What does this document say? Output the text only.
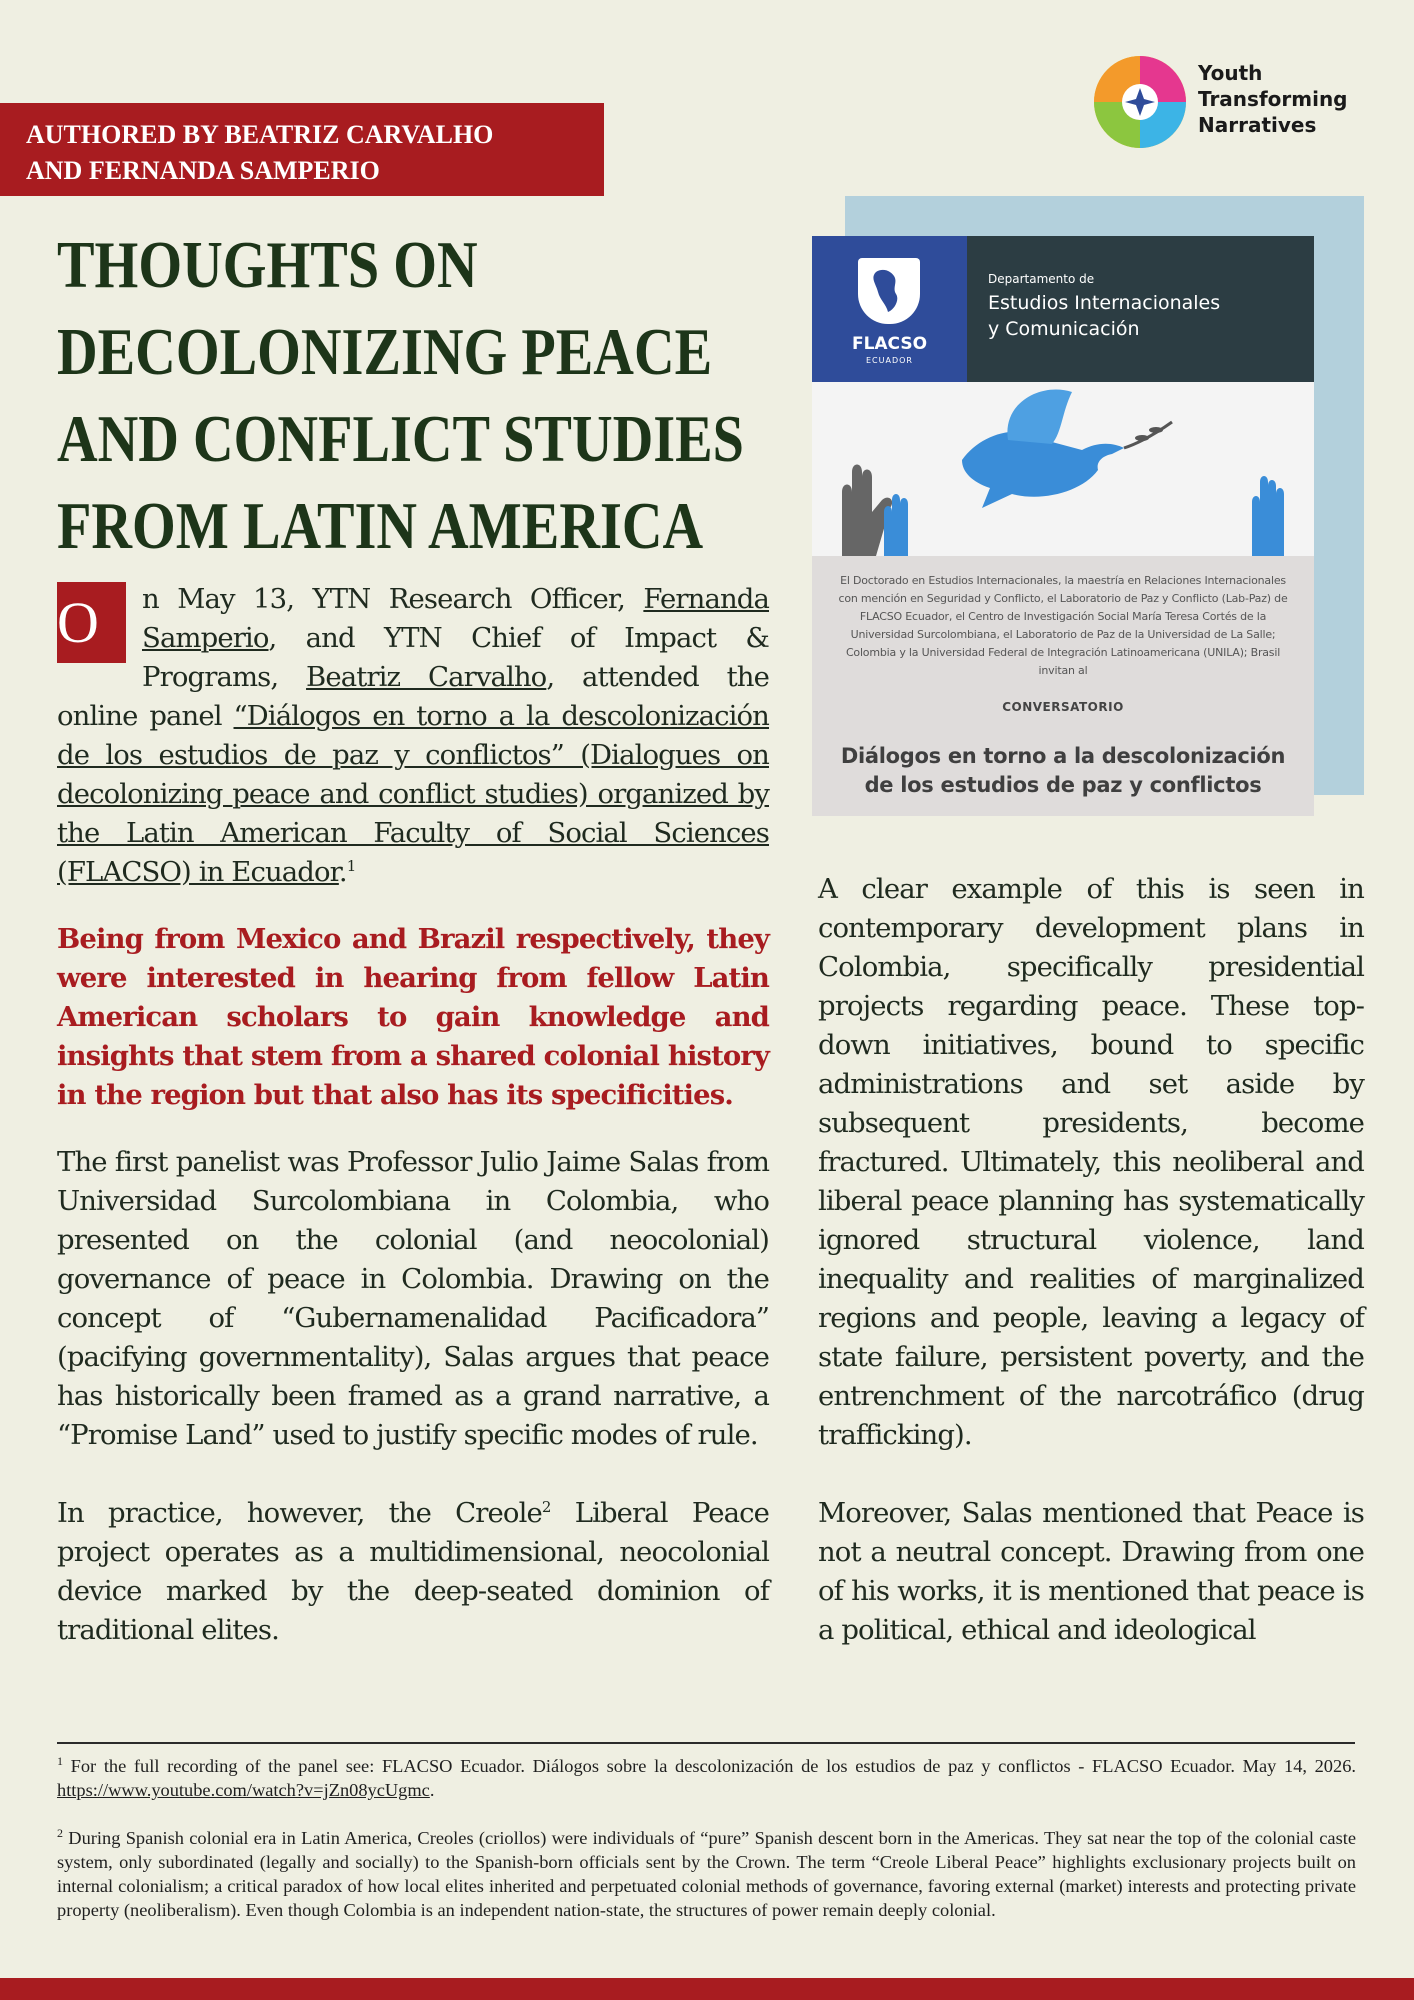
AUTHORED BY BEATRIZ CARVALHO
AND FERNANDA SAMPERIO
Youth
Transforming
Narratives
THOUGHTS ON
DECOLONIZING PEACE
AND CONFLICT STUDIES
FROM LATIN AMERICA

O	n May 13, YTN Research Officer, Fernanda Samperio, and YTN Chief of Impact & Programs, Beatriz Carvalho, attended the online panel “Diálogos en torno a la descolonización de los estudios de paz y conflictos” (Dialogues on decolonizing peace and conflict studies) organized by the Latin American Faculty of Social Sciences (FLACSO) in Ecuador.$^1$

Being from Mexico and Brazil respectively, they were interested in hearing from fellow Latin American scholars to gain knowledge and insights that stem from a shared colonial history in the region but that also has its specificities.

The first panelist was Professor Julio Jaime Salas from Universidad Surcolombiana in Colombia, who presented on the colonial (and neocolonial) governance of peace in Colombia. Drawing on the concept of “Gubernamenalidad Pacificadora” (pacifying governmentality), Salas argues that peace has historically been framed as a grand narrative, a “Promise Land” used to justify specific modes of rule.

In practice, however, the Creole$^2$ Liberal Peace project operates as a multidimensional, neocolonial device marked by the deep-seated dominion of traditional elites.

FLACSO
ECUADOR
Departamento de
Estudios Internacionales
y Comunicación
El Doctorado en Estudios Internacionales, la maestría en Relaciones Internacionales con mención en Seguridad y Conflicto, el Laboratorio de Paz y Conflicto (Lab-Paz) de FLACSO Ecuador, el Centro de Investigación Social María Teresa Cortés de la Universidad Surcolombiana, el Laboratorio de Paz de la Universidad de La Salle; Colombia y la Universidad Federal de Integración Latinoamericana (UNILA); Brasil invitan al
CONVERSATORIO
Diálogos en torno a la descolonización
de los estudios de paz y conflictos

A clear example of this is seen in contemporary development plans in Colombia, specifically presidential projects regarding peace. These top-down initiatives, bound to specific administrations and set aside by subsequent presidents, become fractured. Ultimately, this neoliberal and liberal peace planning has systematically ignored structural violence, land inequality and realities of marginalized regions and people, leaving a legacy of state failure, persistent poverty, and the entrenchment of the narcotráfico (drug trafficking).

Moreover, Salas mentioned that Peace is not a neutral concept. Drawing from one of his works, it is mentioned that peace is a political, ethical and ideological

$^1$ For the full recording of the panel see: FLACSO Ecuador. Diálogos sobre la descolonización de los estudios de paz y conflictos - FLACSO Ecuador. May 14, 2026. https://www.youtube.com/watch?v=jZn08ycUgmc.

$^2$ During Spanish colonial era in Latin America, Creoles (criollos) were individuals of “pure” Spanish descent born in the Americas. They sat near the top of the colonial caste system, only subordinated (legally and socially) to the Spanish-born officials sent by the Crown. The term “Creole Liberal Peace” highlights exclusionary projects built on internal colonialism; a critical paradox of how local elites inherited and perpetuated colonial methods of governance, favoring external (market) interests and protecting private property (neoliberalism). Even though Colombia is an independent nation-state, the structures of power remain deeply colonial.
